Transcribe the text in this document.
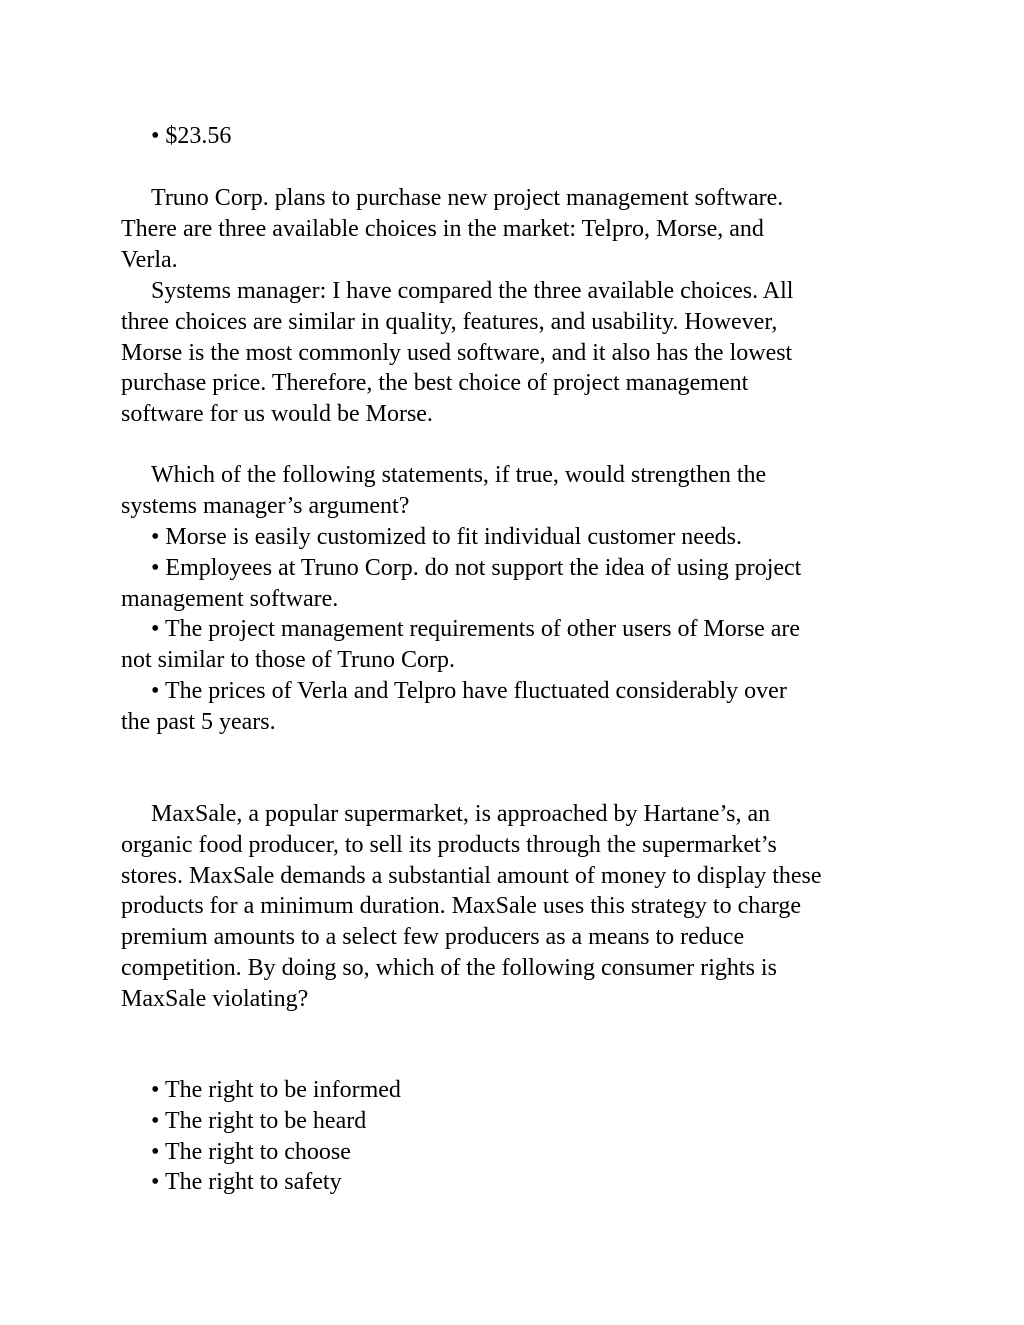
• $23.56

Truno Corp. plans to purchase new project management software.
There are three available choices in the market: Telpro, Morse, and
Verla.

Systems manager: I have compared the three available choices. All
three choices are similar in quality, features, and usability. However,
Morse is the most commonly used software, and it also has the lowest
purchase price. Therefore, the best choice of project management
software for us would be Morse.

Which of the following statements, if true, would strengthen the
systems manager’s argument?

• Morse is easily customized to fit individual customer needs.
• Employees at Truno Corp. do not support the idea of using project
management software.
• The project management requirements of other users of Morse are
not similar to those of Truno Corp.
• The prices of Verla and Telpro have fluctuated considerably over
the past 5 years.

MaxSale, a popular supermarket, is approached by Hartane’s, an
organic food producer, to sell its products through the supermarket’s
stores. MaxSale demands a substantial amount of money to display these
products for a minimum duration. MaxSale uses this strategy to charge
premium amounts to a select few producers as a means to reduce
competition. By doing so, which of the following consumer rights is
MaxSale violating?

• The right to be informed
• The right to be heard
• The right to choose
• The right to safety
